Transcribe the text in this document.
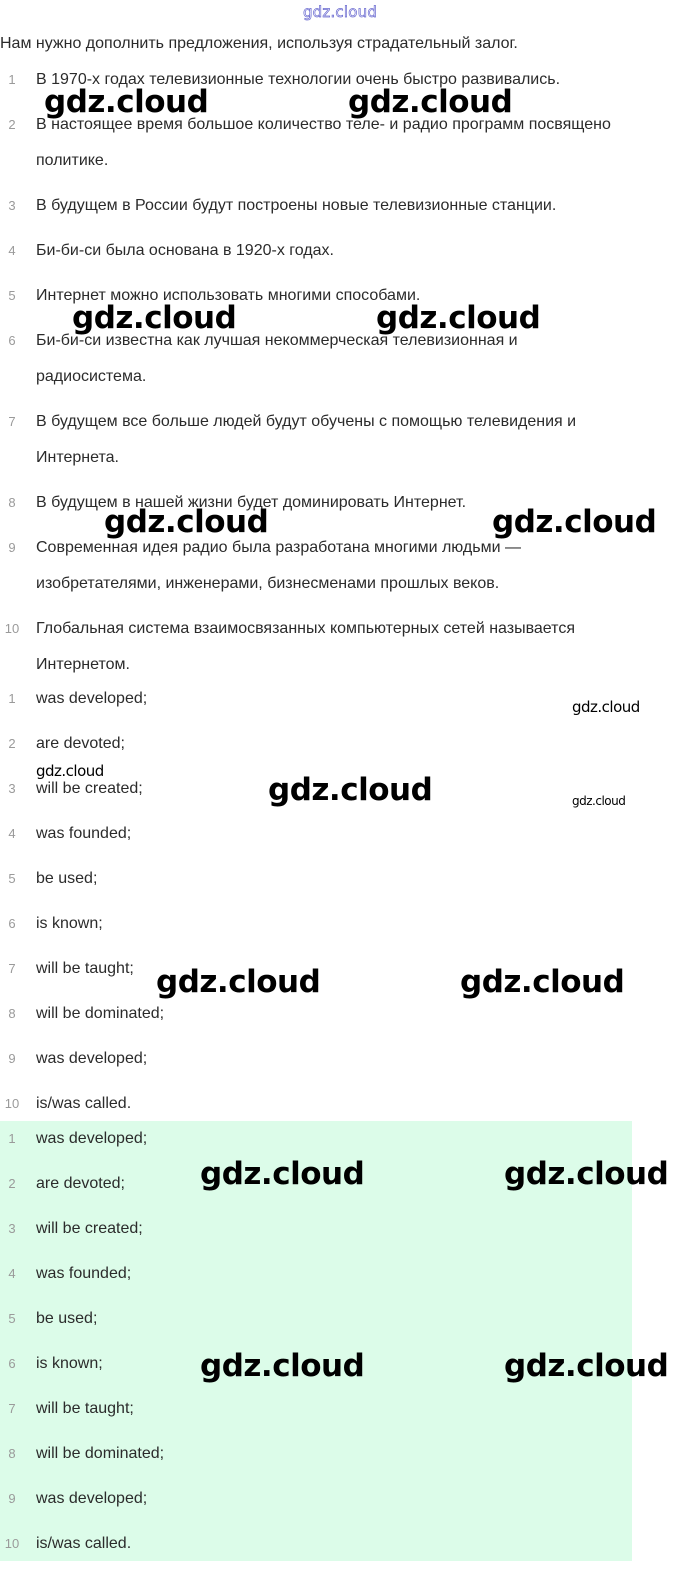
gdz.cloud
Нам нужно дополнить предложения, используя страдательный залог.
1	В 1970-х годах телевизионные технологии очень быстро развивались.
2	В настоящее время большое количество теле- и радио программ посвящено политике.
3	В будущем в России будут построены новые телевизионные станции.
4	Би-би-си была основана в 1920-х годах.
5	Интернет можно использовать многими способами.
6	Би-би-си известна как лучшая некоммерческая телевизионная и радиосистема.
7	В будущем все больше людей будут обучены с помощью телевидения и Интернета.
8	В будущем в нашей жизни будет доминировать Интернет.
9	Современная идея радио была разработана многими людьми — изобретателями, инженерами, бизнесменами прошлых веков.
10 Глобальная система взаимосвязанных компьютерных сетей называется Интернетом.
1	was developed;
2	are devoted;
3	will be created;
4	was founded;
5	be used;
6	is known;
7	will be taught;
8	will be dominated;
9	was developed;
10 is/was called.
1	was developed;
2	are devoted;
3	will be created;
4	was founded;
5	be used;
6	is known;
7	will be taught;
8	will be dominated;
9	was developed;
10 is/was called.
gdz.cloud	gdz.cloud
gdz.cloud	gdz.cloud
gdz.cloud	gdz.cloud
gdz.cloud
gdz.cloud
gdz.cloud	gdz.cloud
gdz.cloud	gdz.cloud
gdz.cloud	gdz.cloud
gdz.cloud	gdz.cloud
